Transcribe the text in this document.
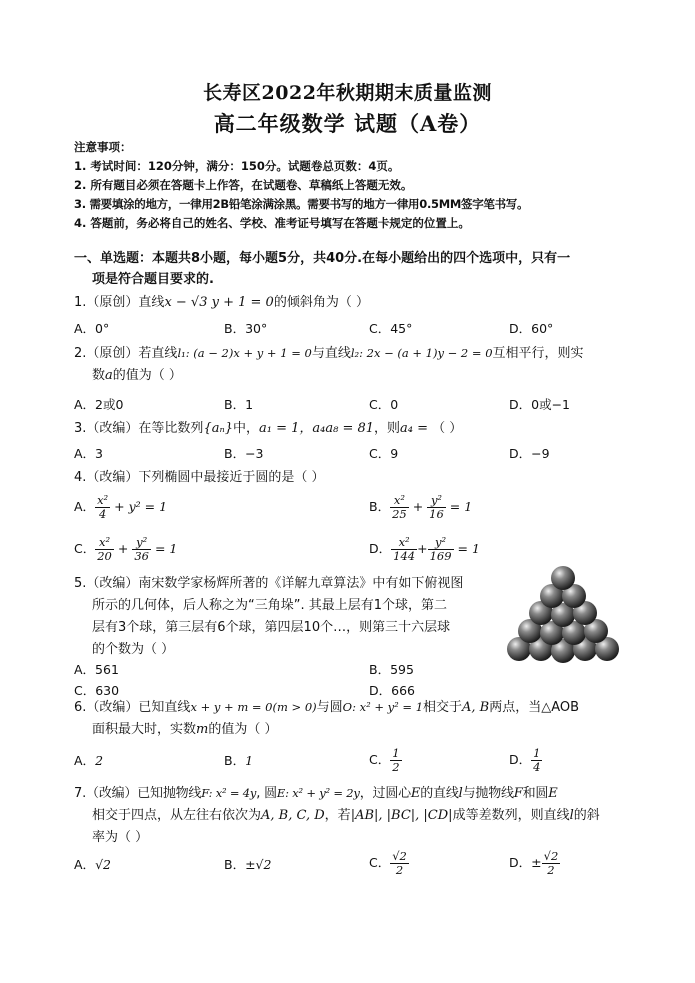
长寿区2022年秋期期末质量监测
高二年级数学 试题（A卷）
注意事项：
1. 考试时间：120分钟，满分：150分。试题卷总页数：4页。
2. 所有题目必须在答题卡上作答，在试题卷、草稿纸上答题无效。
3. 需要填涂的地方，一律用2B铅笔涂满涂黑。需要书写的地方一律用0.5MM签字笔书写。
4. 答题前，务必将自己的姓名、学校、准考证号填写在答题卡规定的位置上。
一、单选题：本题共8小题，每小题5分，共40分.在每小题给出的四个选项中，只有一
项是符合题目要求的.
1.（原创）直线x − √3 y + 1 = 0的倾斜角为（ ）
A．0°	B．30°	C．45°	D．60°
2.（原创）若直线l₁: (a − 2)x + y + 1 = 0与直线l₂: 2x − (a + 1)y − 2 = 0互相平行，则实
数a的值为（ ）
A．2或0	B．1	C．0	D．0或−1
3.（改编）在等比数列{aₙ}中，a₁ = 1，a₄a₈ = 81，则a₄ = （ ）
A．3	B．−3	C．9	D．−9
4.（改编）下列椭圆中最接近于圆的是（ ）
A． $\frac{\text{x²}}{4} + y^2 = 1$	B． $\frac{\text{x²}}{25} + \frac{\text{y²}}{16} = 1$
C． $\frac{\text{x²}}{20} + \frac{\text{y²}}{36} = 1$	D． $\frac{\text{x²}}{144} + \frac{\text{y²}}{169} = 1$
5.（改编）南宋数学家杨辉所著的《详解九章算法》中有如下俯视图
所示的几何体，后人称之为“三角垛”. 其最上层有1个球，第二
层有3个球，第三层有6个球，第四层10个…，则第三十六层球
的个数为（ ）
A．561	B．595
C．630	D．666
6.（改编）已知直线x + y + m = 0(m > 0)与圆O: x² + y² = 1相交于A, B两点，当△AOB
面积最大时，实数m的值为（ ）
A．2	B．1	C． $\frac{1}{2}$	D． $\frac{1}{4}$
7.（改编）已知抛物线F: x² = 4y, 圆E: x² + y² = 2y，过圆心E的直线l与抛物线F和圆E
相交于四点，从左往右依次为A, B, C, D，若|AB|, |BC|, |CD|成等差数列，则直线l的斜
率为（ ）
A．√2	B．±√2	C． $\frac{√2}{2}$	D．± $\frac{√2}{2}$
